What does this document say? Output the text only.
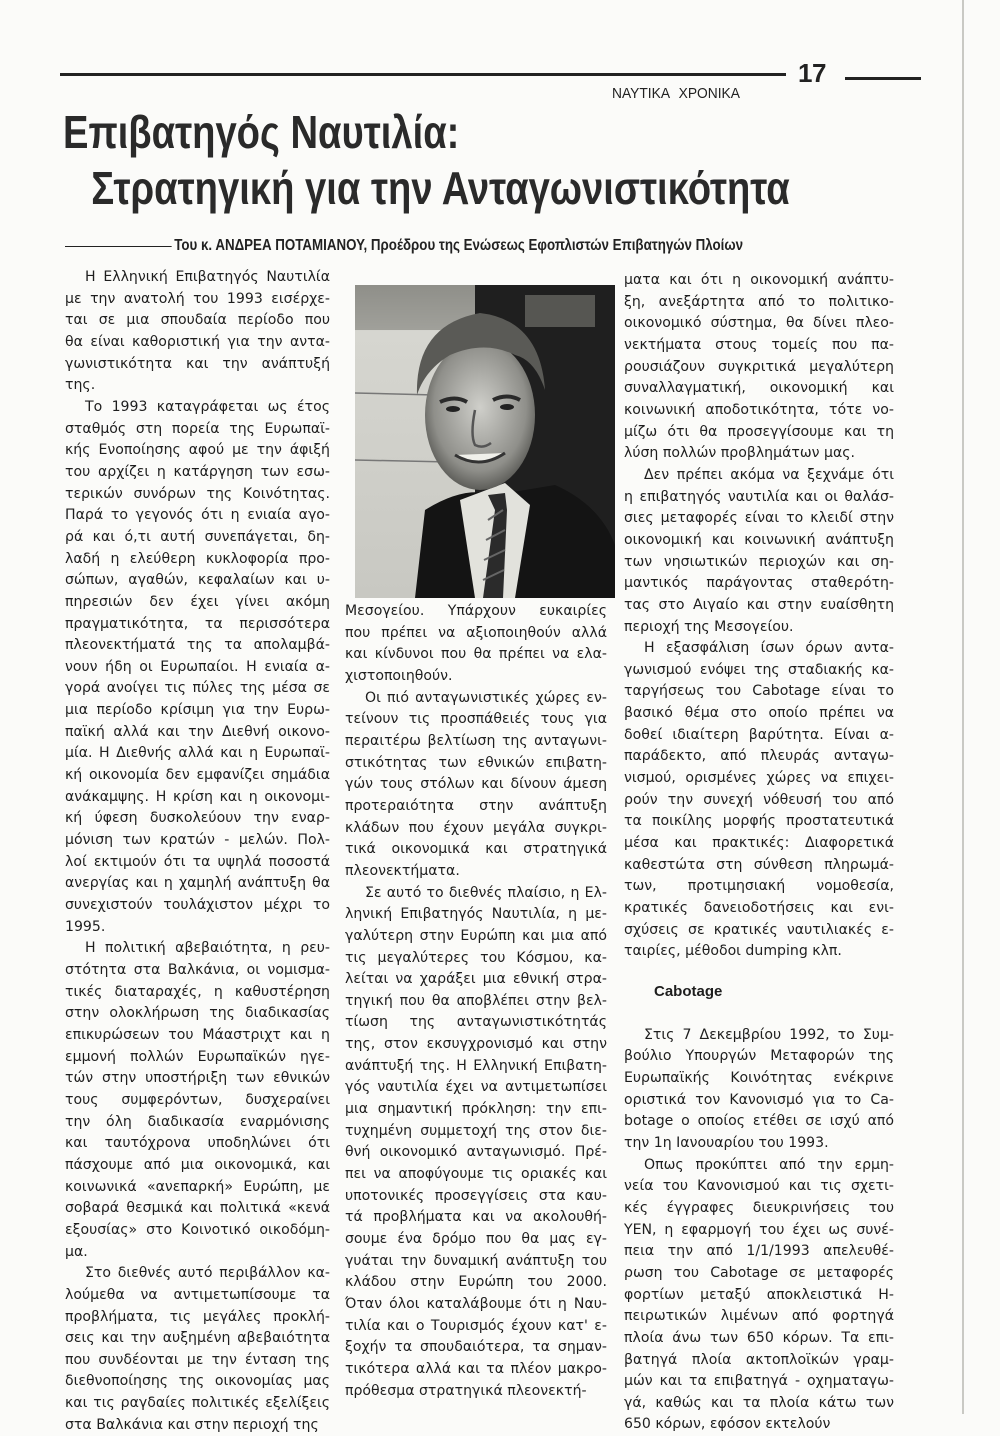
17
ΝΑΥΤΙΚΑ ΧΡΟΝΙΚΑ
Επιβατηγός Ναυτιλία:
Στρατηγική για την Ανταγωνιστικότητα
Του κ. ΑΝΔΡΕΑ ΠΟΤΑΜΙΑΝΟΥ, Προέδρου της Ενώσεως Εφοπλιστών Επιβατηγών Πλοίων
Η Ελληνική Επιβατηγός Ναυτιλία
με την ανατολή του 1993 εισέρχε-
ται σε μια σπουδαία περίοδο που
θα είναι καθοριστική για την αντα-
γωνιστικότητα και την ανάπτυξή
της.
Το 1993 καταγράφεται ως έτος
σταθμός στη πορεία της Ευρωπαϊ-
κής Ενοποίησης αφού με την άφιξή
του αρχίζει η κατάργηση των εσω-
τερικών συνόρων της Κοινότητας.
Παρά το γεγονός ότι η ενιαία αγο-
ρά και ό,τι αυτή συνεπάγεται, δη-
λαδή η ελεύθερη κυκλοφορία προ-
σώπων, αγαθών, κεφαλαίων και υ-
πηρεσιών δεν έχει γίνει ακόμη
πραγματικότητα, τα περισσότερα
πλεονεκτήματά της τα απολαμβά-
νουν ήδη οι Ευρωπαίοι. Η ενιαία α-
γορά ανοίγει τις πύλες της μέσα σε
μια περίοδο κρίσιμη για την Ευρω-
παϊκή αλλά και την Διεθνή οικονο-
μία. Η Διεθνής αλλά και η Ευρωπαϊ-
κή οικονομία δεν εμφανίζει σημάδια
ανάκαμψης. Η κρίση και η οικονομι-
κή ύφεση δυσκολεύουν την εναρ-
μόνιση των κρατών - μελών. Πολ-
λοί εκτιμούν ότι τα υψηλά ποσοστά
ανεργίας και η χαμηλή ανάπτυξη θα
συνεχιστούν τουλάχιστον μέχρι το
1995.
Η πολιτική αβεβαιότητα, η ρευ-
στότητα στα Βαλκάνια, οι νομισμα-
τικές διαταραχές, η καθυστέρηση
στην ολοκλήρωση της διαδικασίας
επικυρώσεων του Μάαστριχτ και η
εμμονή πολλών Ευρωπαϊκών ηγε-
τών στην υποστήριξη των εθνικών
τους συμφερόντων, δυσχεραίνει
την όλη διαδικασία εναρμόνισης
και ταυτόχρονα υποδηλώνει ότι
πάσχουμε από μια οικονομικά, και
κοινωνικά «ανεπαρκή» Ευρώπη, με
σοβαρά θεσμικά και πολιτικά «κενά
εξουσίας» στο Κοινοτικό οικοδόμη-
μα.
Στο διεθνές αυτό περιβάλλον κα-
λούμεθα να αντιμετωπίσουμε τα
προβλήματα, τις μεγάλες προκλή-
σεις και την αυξημένη αβεβαιότητα
που συνδέονται με την ένταση της
διεθνοποίησης της οικονομίας μας
και τις ραγδαίες πολιτικές εξελίξεις
στα Βαλκάνια και στην περιοχή της
Μεσογείου. Υπάρχουν ευκαιρίες
που πρέπει να αξιοποιηθούν αλλά
και κίνδυνοι που θα πρέπει να ελα-
χιστοποιηθούν.
Οι πιό ανταγωνιστικές χώρες εν-
τείνουν τις προσπάθειές τους για
περαιτέρω βελτίωση της ανταγωνι-
στικότητας των εθνικών επιβατη-
γών τους στόλων και δίνουν άμεση
προτεραιότητα στην ανάπτυξη
κλάδων που έχουν μεγάλα συγκρι-
τικά οικονομικά και στρατηγικά
πλεονεκτήματα.
Σε αυτό το διεθνές πλαίσιο, η Ελ-
ληνική Επιβατηγός Ναυτιλία, η με-
γαλύτερη στην Ευρώπη και μια από
τις μεγαλύτερες του Κόσμου, κα-
λείται να χαράξει μια εθνική στρα-
τηγική που θα αποβλέπει στην βελ-
τίωση της ανταγωνιστικότητάς
της, στον εκσυγχρονισμό και στην
ανάπτυξή της. Η Ελληνική Επιβατη-
γός ναυτιλία έχει να αντιμετωπίσει
μια σημαντική πρόκληση: την επι-
τυχημένη συμμετοχή της στον διε-
θνή οικονομικό ανταγωνισμό. Πρέ-
πει να αποφύγουμε τις οριακές και
υποτονικές προσεγγίσεις στα καυ-
τά προβλήματα και να ακολουθή-
σουμε ένα δρόμο που θα μας εγ-
γυάται την δυναμική ανάπτυξη του
κλάδου στην Ευρώπη του 2000.
Όταν όλοι καταλάβουμε ότι η Ναυ-
τιλία και ο Τουρισμός έχουν κατ' ε-
ξοχήν τα σπουδαιότερα, τα σημαν-
τικότερα αλλά και τα πλέον μακρο-
πρόθεσμα στρατηγικά πλεονεκτή-
ματα και ότι η οικονομική ανάπτυ-
ξη, ανεξάρτητα από το πολιτικο-
οικονομικό σύστημα, θα δίνει πλεο-
νεκτήματα στους τομείς που πα-
ρουσιάζουν συγκριτικά μεγαλύτερη
συναλλαγματική, οικονομική και
κοινωνική αποδοτικότητα, τότε νο-
μίζω ότι θα προσεγγίσουμε και τη
λύση πολλών προβλημάτων μας.
Δεν πρέπει ακόμα να ξεχνάμε ότι
η επιβατηγός ναυτιλία και οι θαλάσ-
σιες μεταφορές είναι το κλειδί στην
οικονομική και κοινωνική ανάπτυξη
των νησιωτικών περιοχών και ση-
μαντικός παράγοντας σταθερότη-
τας στο Αιγαίο και στην ευαίσθητη
περιοχή της Μεσογείου.
Η εξασφάλιση ίσων όρων αντα-
γωνισμού ενόψει της σταδιακής κα-
ταργήσεως του Cabotage είναι το
βασικό θέμα στο οποίο πρέπει να
δοθεί ιδιαίτερη βαρύτητα. Είναι α-
παράδεκτο, από πλευράς ανταγω-
νισμού, ορισμένες χώρες να επιχει-
ρούν την συνεχή νόθευσή του από
τα ποικίλης μορφής προστατευτικά
μέσα και πρακτικές: Διαφορετικά
καθεστώτα στη σύνθεση πληρωμά-
των, προτιμησιακή νομοθεσία,
κρατικές δανειοδοτήσεις και ενι-
σχύσεις σε κρατικές ναυτιλιακές ε-
ταιρίες, μέθοδοι dumping κλπ.
Cabotage
Στις 7 Δεκεμβρίου 1992, το Συμ-
βούλιο Υπουργών Μεταφορών της
Ευρωπαϊκής Κοινότητας ενέκρινε
οριστικά τον Κανονισμό για το Ca-
botage ο οποίος ετέθει σε ισχύ από
την 1η Ιανουαρίου του 1993.
Οπως προκύπτει από την ερμη-
νεία του Κανονισμού και τις σχετι-
κές έγγραφες διευκρινήσεις του
ΥΕΝ, η εφαρμογή του έχει ως συνέ-
πεια την από 1/1/1993 απελευθέ-
ρωση του Cabotage σε μεταφορές
φορτίων μεταξύ αποκλειστικά Η-
πειρωτικών λιμένων από φορτηγά
πλοία άνω των 650 κόρων. Τα επι-
βατηγά πλοία ακτοπλοϊκών γραμ-
μών και τα επιβατηγά - οχηματαγω-
γά, καθώς και τα πλοία κάτω των
650 κόρων, εφόσον εκτελούν
